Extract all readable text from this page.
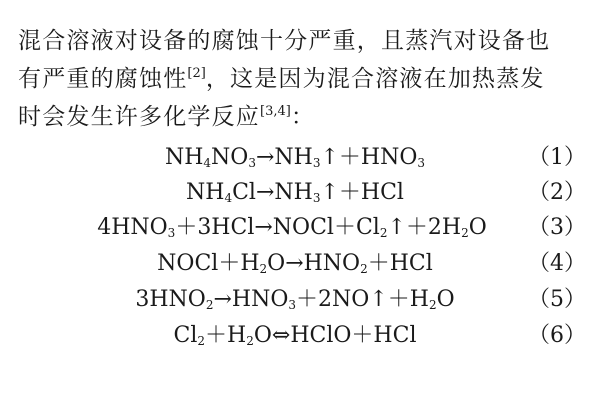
混合溶液对设备的腐蚀十分严重，且蒸汽对设备也
有严重的腐蚀性[2]，这是因为混合溶液在加热蒸发
时会发生许多化学反应[3,4]：
$NH_4NO_3\to NH_3↑+HNO_3$	（1）
$NH_4Cl\to NH_3↑+HCl$	（2）
$4HNO_3+3HCl\to NOCl+Cl_2↑+2H_2O$	（3）
$NOCl+H_2O\to HNO_2+HCl$	（4）
$3HNO_2\to HNO_3+2NO↑+H_2O$	（5）
$Cl_2+H_2O\Leftrightarrow HClO+HCl$	（6）
